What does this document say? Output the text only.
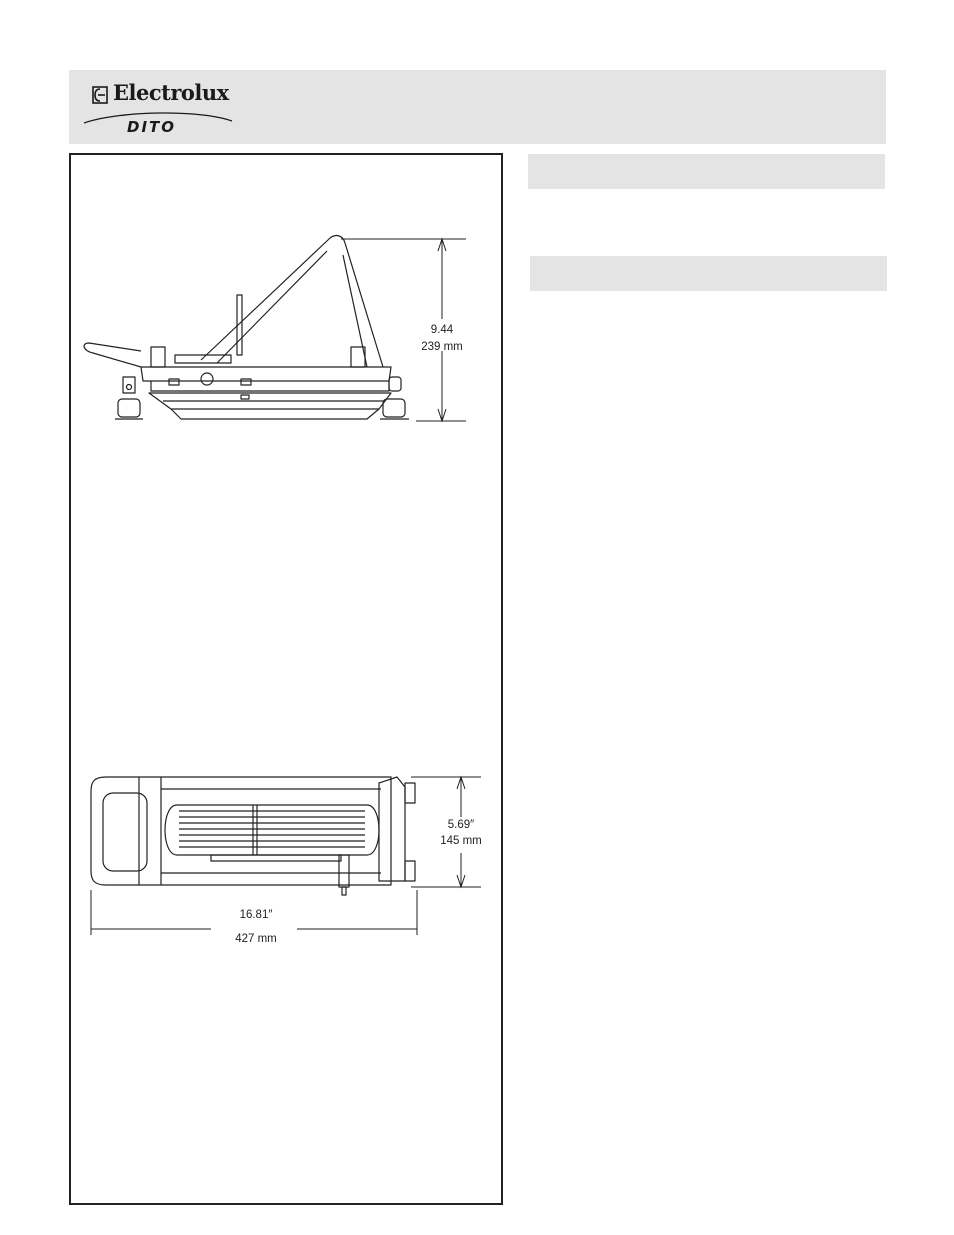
Electrolux
DITO
9.44
239 mm
5.69″
145 mm
16.81″
427 mm
